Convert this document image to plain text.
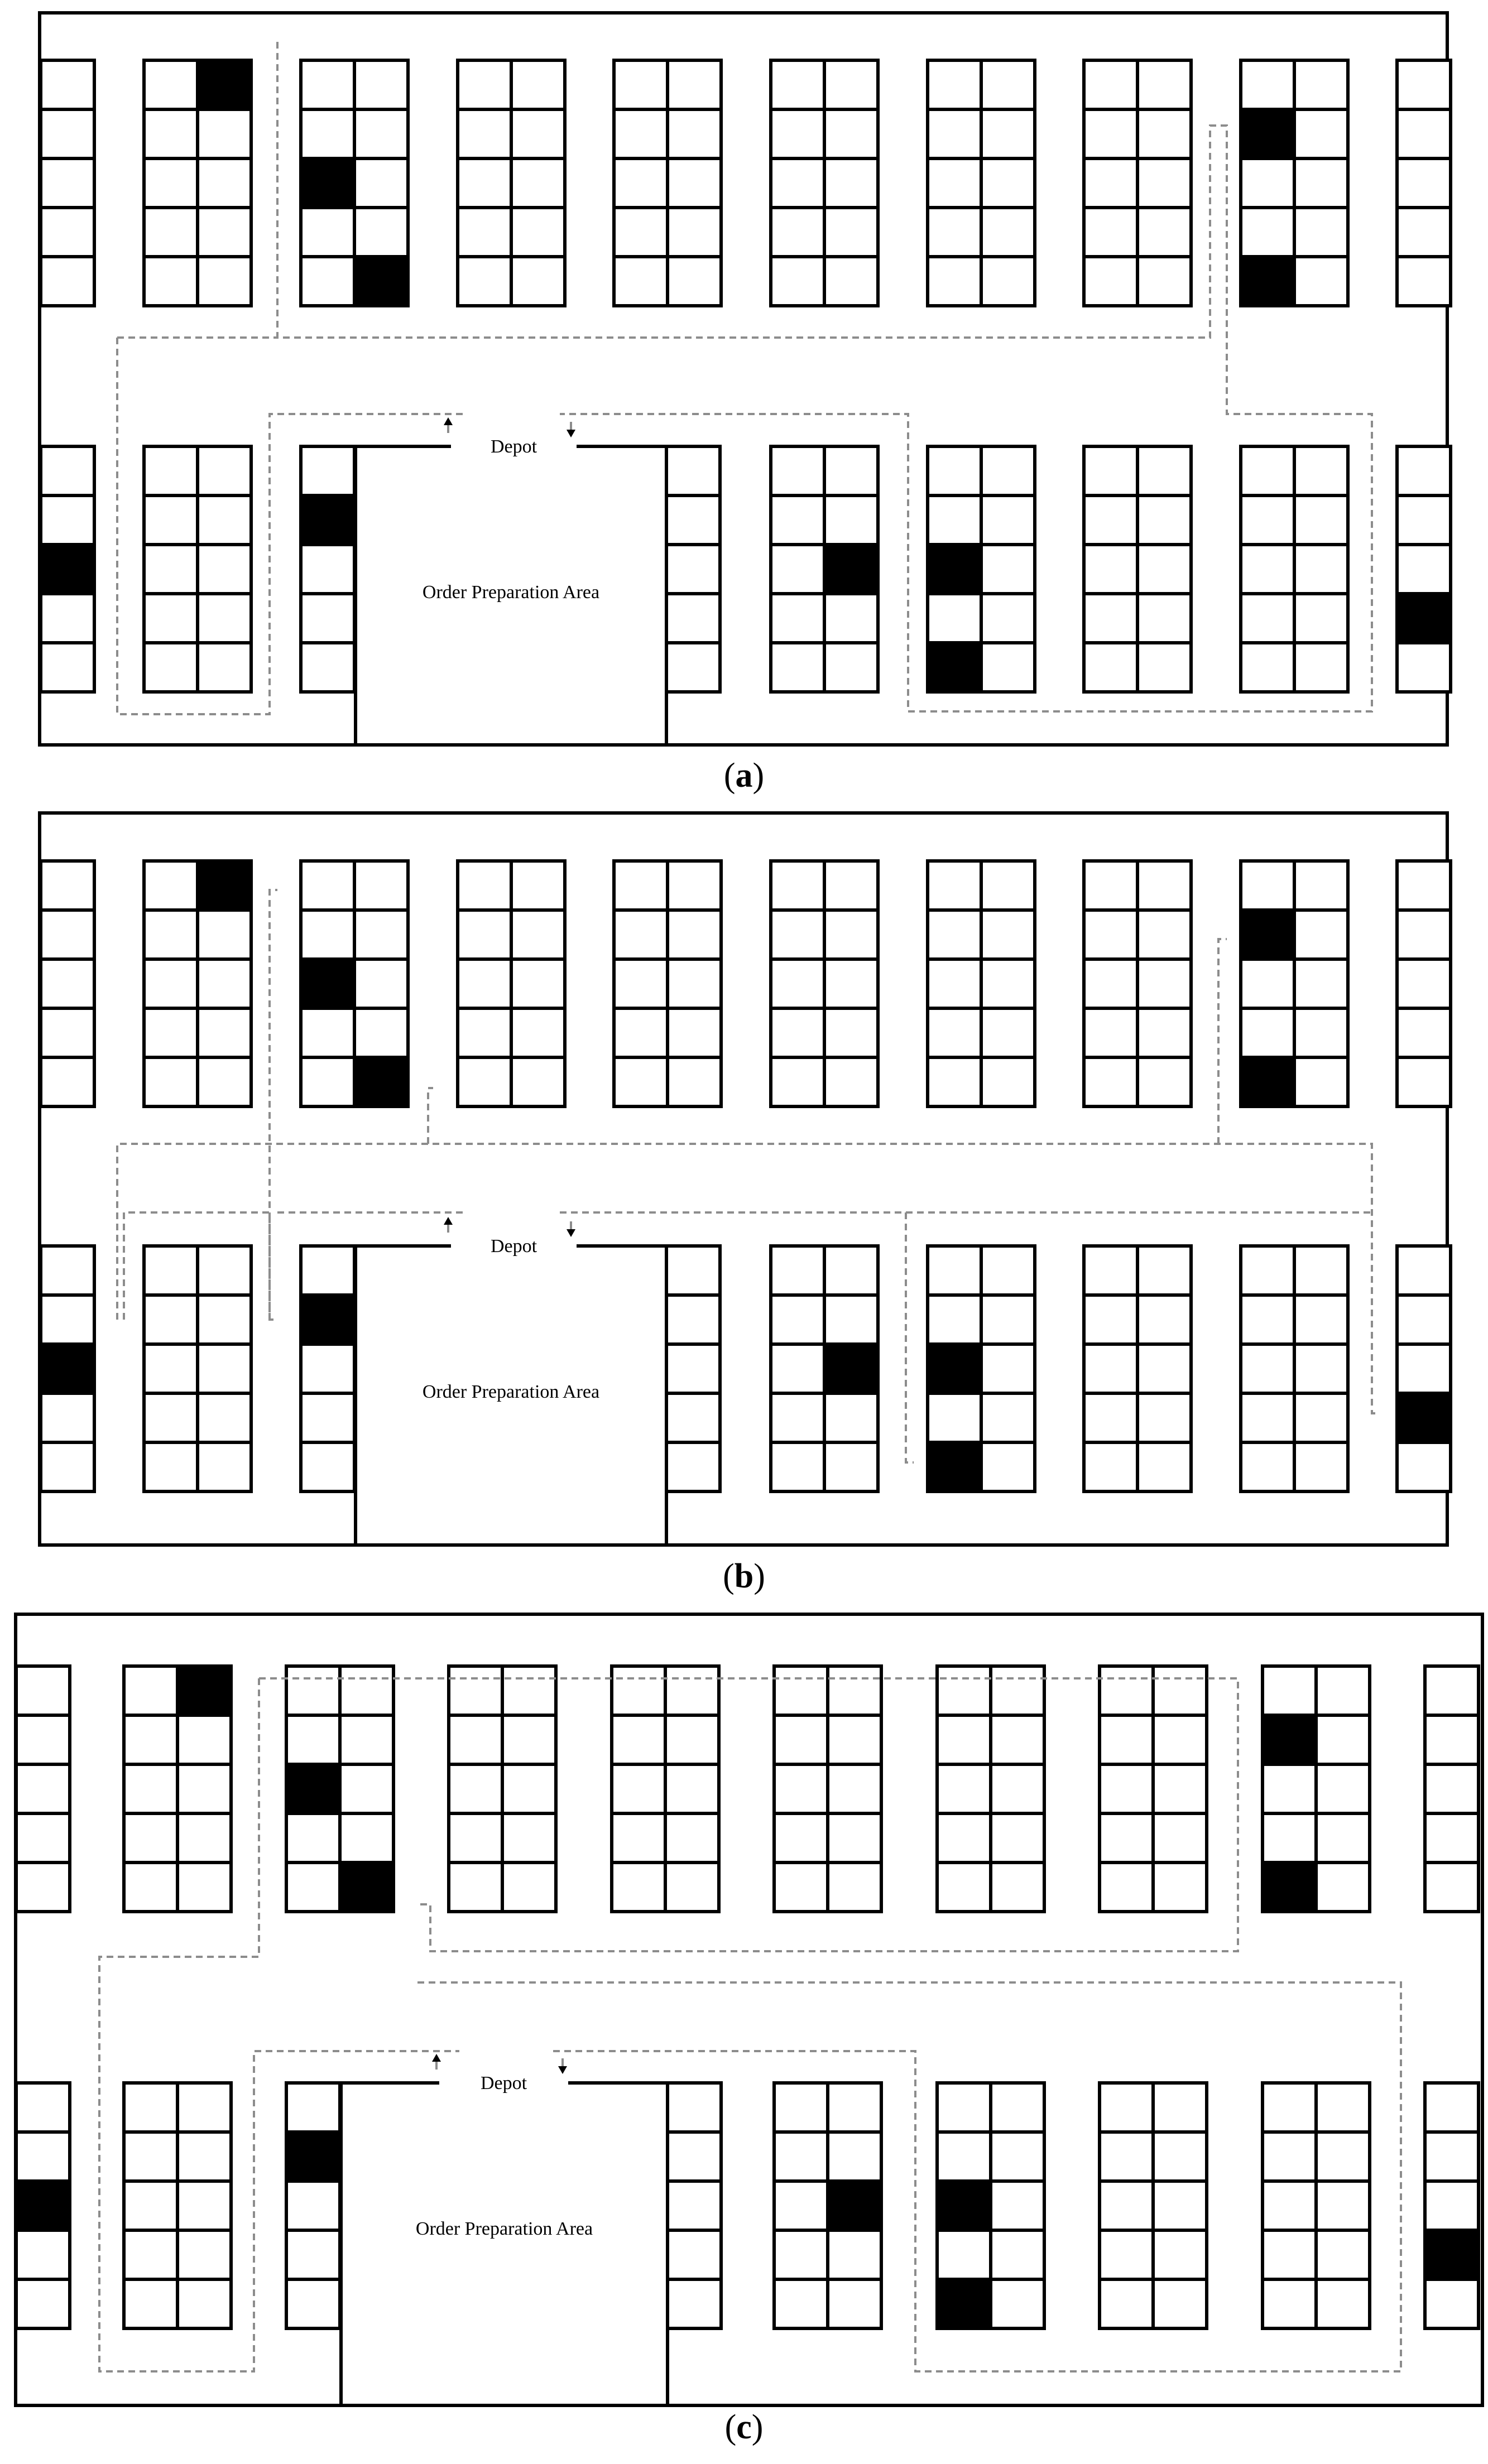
Depot
Order Preparation Area
(a)
Depot
Order Preparation Area
(b)
Depot
Order Preparation Area
(c)
